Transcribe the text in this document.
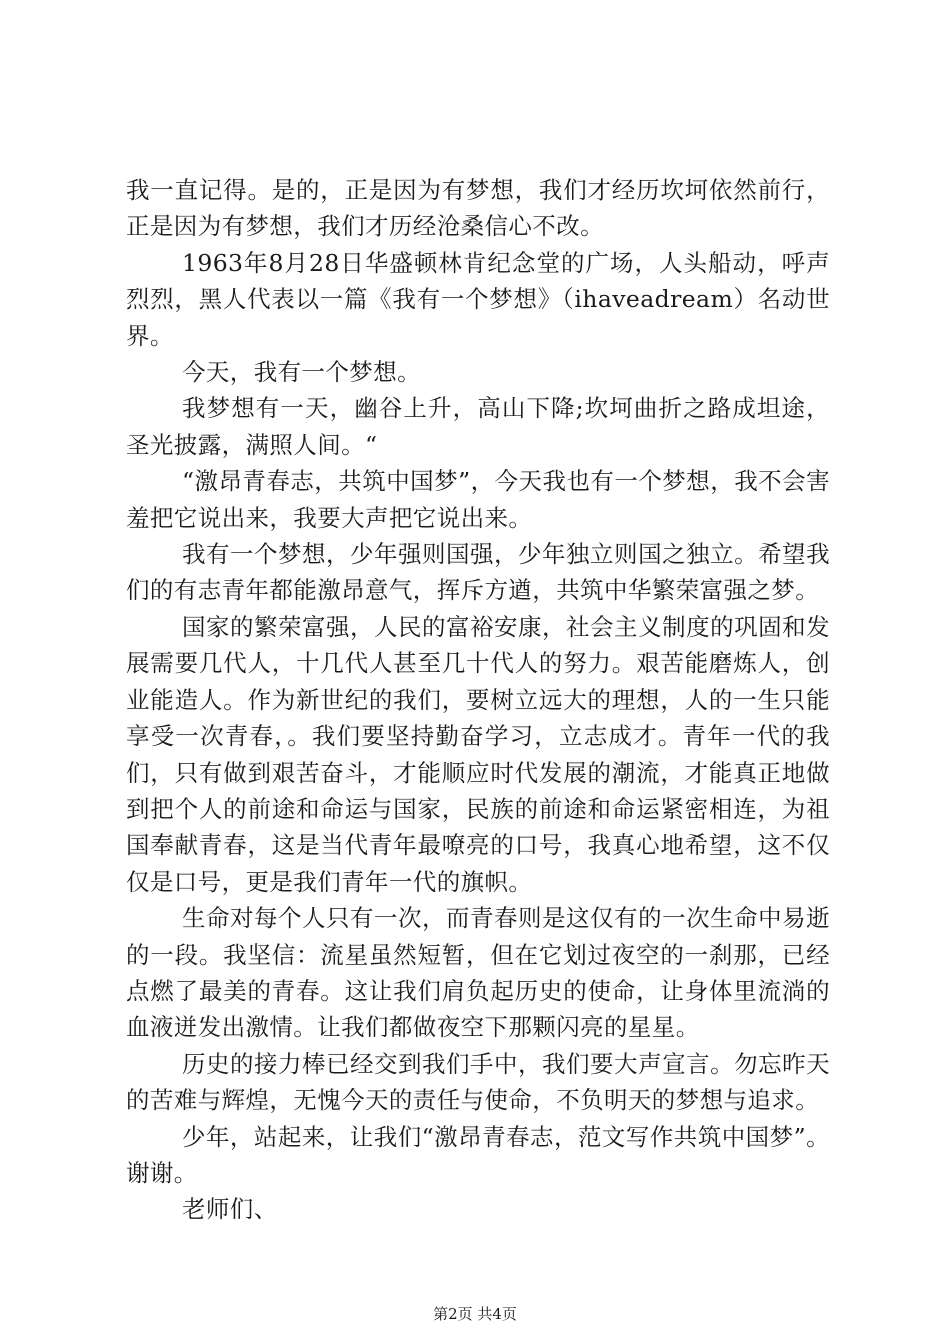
我一直记得。是的，正是因为有梦想，我们才经历坎坷依然前行，正是因为有梦想，我们才历经沧桑信心不改。

1963年8月28日华盛顿林肯纪念堂的广场，人头船动，呼声烈烈，黑人代表以一篇《我有一个梦想》（ihaveadream）名动世界。

今天，我有一个梦想。

我梦想有一天，幽谷上升，高山下降;坎坷曲折之路成坦途，圣光披露，满照人间。“

“激昂青春志，共筑中国梦”，今天我也有一个梦想，我不会害羞把它说出来，我要大声把它说出来。

我有一个梦想，少年强则国强，少年独立则国之独立。希望我们的有志青年都能激昂意气，挥斥方遒，共筑中华繁荣富强之梦。

国家的繁荣富强，人民的富裕安康，社会主义制度的巩固和发展需要几代人，十几代人甚至几十代人的努力。艰苦能磨炼人，创业能造人。作为新世纪的我们，要树立远大的理想，人的一生只能享受一次青春，。我们要坚持勤奋学习，立志成才。青年一代的我们，只有做到艰苦奋斗，才能顺应时代发展的潮流，才能真正地做到把个人的前途和命运与国家，民族的前途和命运紧密相连，为祖国奉献青春，这是当代青年最嘹亮的口号，我真心地希望，这不仅仅是口号，更是我们青年一代的旗帜。

生命对每个人只有一次，而青春则是这仅有的一次生命中易逝的一段。我坚信：流星虽然短暂，但在它划过夜空的一刹那，已经点燃了最美的青春。这让我们肩负起历史的使命，让身体里流淌的血液迸发出激情。让我们都做夜空下那颗闪亮的星星。

历史的接力棒已经交到我们手中，我们要大声宣言。勿忘昨天的苦难与辉煌，无愧今天的责任与使命，不负明天的梦想与追求。

少年，站起来，让我们“激昂青春志，范文写作共筑中国梦”。谢谢。

老师们、

第2页 共4页
